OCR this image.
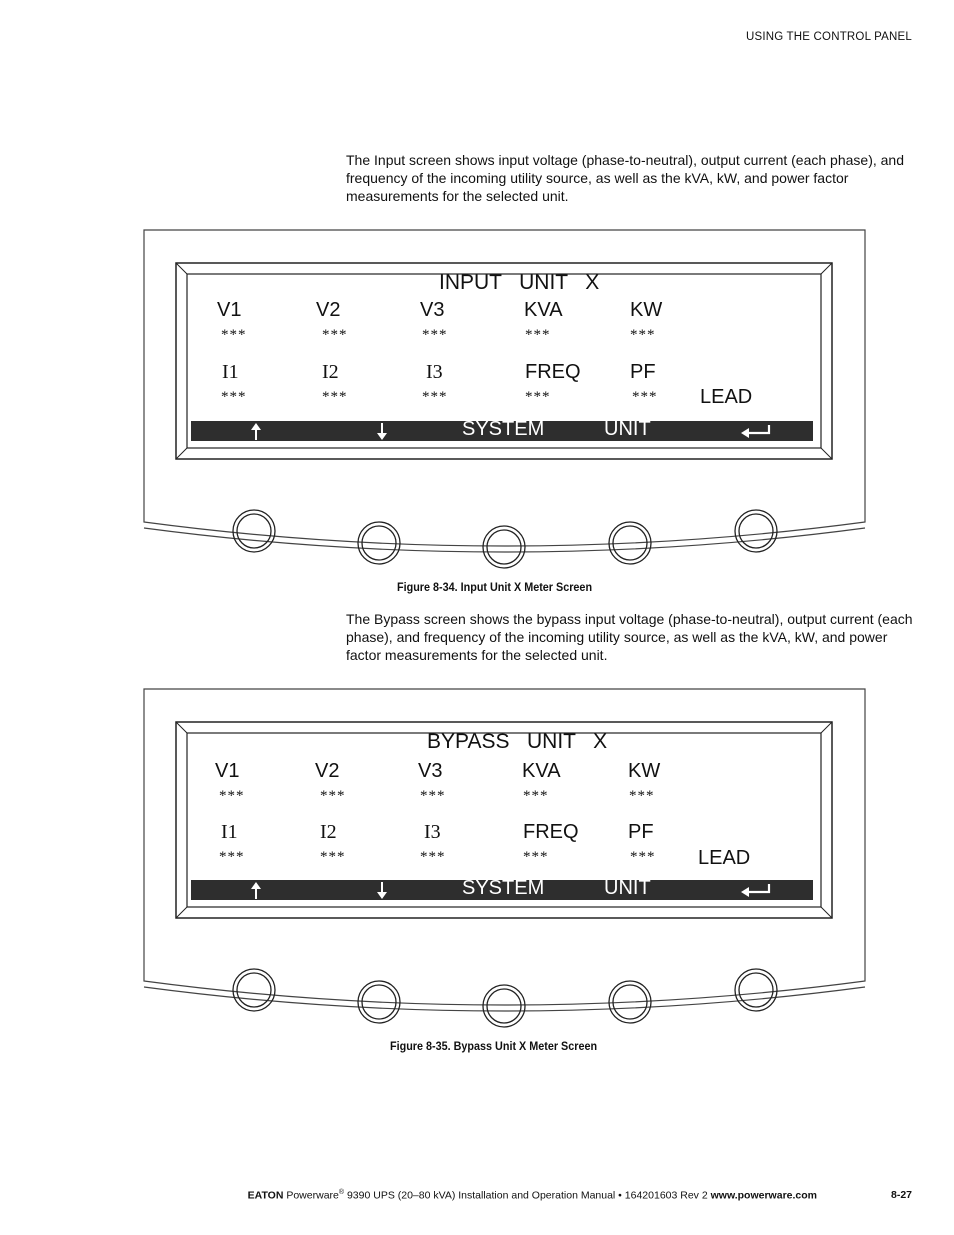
USING THE CONTROL PANEL

The Input screen shows input voltage (phase-to-neutral), output current (each phase), and frequency of the incoming utility source, as well as the kVA, kW, and power factor measurements for the selected unit.

INPUT   UNIT   X
V1	V2	V3	KVA	KW
***	***	***	***	***
I1	I2	I3	FREQ PF
***	***	***	***	*** LEAD
SYSTEM	UNIT
Figure 8-34. Input Unit X Meter Screen

The Bypass screen shows the bypass input voltage (phase-to-neutral), output current (each phase), and frequency of the incoming utility source, as well as the kVA, kW, and power factor measurements for the selected unit.

BYPASS   UNIT   X
V1	V2	V3	KVA	KW
***	***	***	***	***
I1	I2	I3	FREQ PF
***	***	***	***	*** LEAD
SYSTEM	UNIT
Figure 8-35. Bypass Unit X Meter Screen
EATON Powerware® 9390 UPS (20–80 kVA) Installation and Operation Manual • 164201603 Rev 2 www.powerware.com	8-27
